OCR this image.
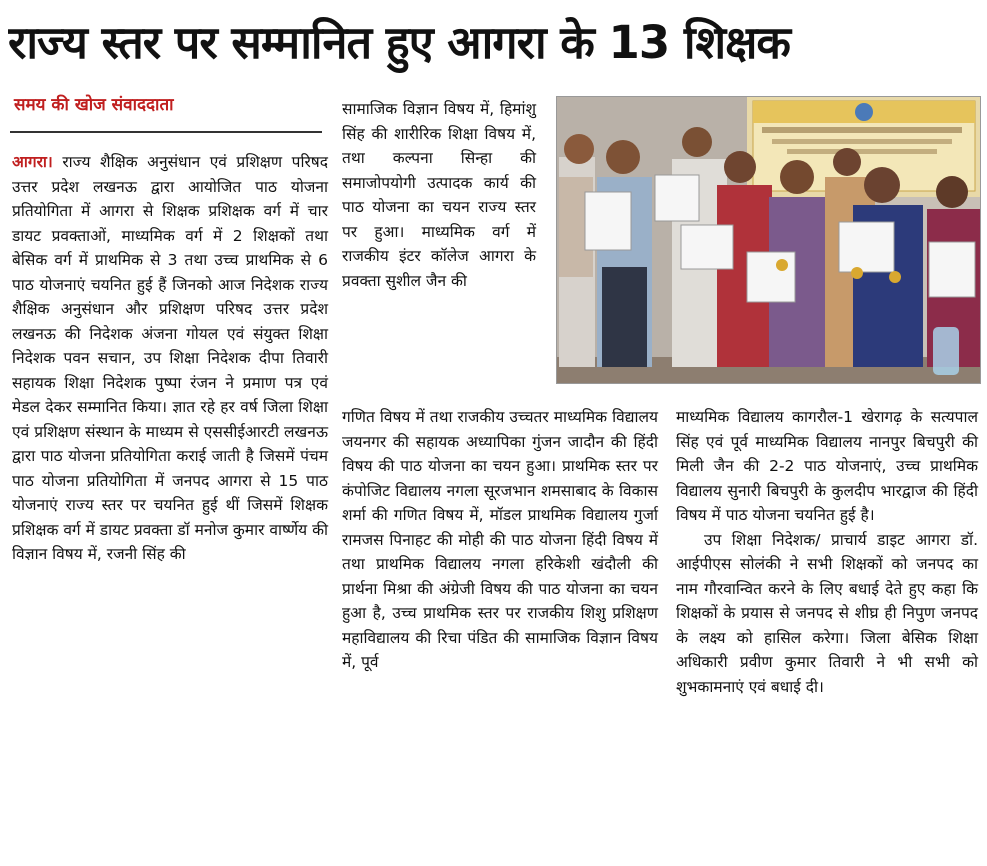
राज्य स्तर पर सम्मानित हुए आगरा के 13 शिक्षक
समय की खोज संवाददाता

आगरा। राज्य शैक्षिक अनुसंधान एवं प्रशिक्षण परिषद उत्तर प्रदेश लखनऊ द्वारा आयोजित पाठ योजना प्रतियोगिता में आगरा से शिक्षक प्रशिक्षक वर्ग में चार डायट प्रवक्ताओं, माध्यमिक वर्ग में 2 शिक्षकों तथा बेसिक वर्ग में प्राथमिक से 3 तथा उच्च प्राथमिक से 6 पाठ योजनाएं चयनित हुई हैं जिनको आज निदेशक राज्य शैक्षिक अनुसंधान और प्रशिक्षण परिषद उत्तर प्रदेश लखनऊ की निदेशक अंजना गोयल एवं संयुक्त शिक्षा निदेशक पवन सचान, उप शिक्षा निदेशक दीपा तिवारी सहायक शिक्षा निदेशक पुष्पा रंजन ने प्रमाण पत्र एवं मेडल देकर सम्मानित किया। ज्ञात रहे हर वर्ष जिला शिक्षा एवं प्रशिक्षण संस्थान के माध्यम से एससीईआरटी लखनऊ द्वारा पाठ योजना प्रतियोगिता कराई जाती है जिसमें पंचम पाठ योजना प्रतियोगिता में जनपद आगरा से 15 पाठ योजनाएं राज्य स्तर पर चयनित हुई थीं जिसमें शिक्षक प्रशिक्षक वर्ग में डायट प्रवक्ता डॉ मनोज कुमार वार्ष्णेय की विज्ञान विषय में, रजनी सिंह की

सामाजिक विज्ञान विषय में, हिमांशु सिंह की शारीरिक शिक्षा विषय में, तथा कल्पना सिन्हा की समाजोपयोगी उत्पादक कार्य की पाठ योजना का चयन राज्य स्तर पर हुआ। माध्यमिक वर्ग में राजकीय इंटर कॉलेज आगरा के प्रवक्ता सुशील जैन की

गणित विषय में तथा राजकीय उच्चतर माध्यमिक विद्यालय जयनगर की सहायक अध्यापिका गुंजन जादौन की हिंदी विषय की पाठ योजना का चयन हुआ। प्राथमिक स्तर पर कंपोजिट विद्यालय नगला सूरजभान शमसाबाद के विकास शर्मा की गणित विषय में, मॉडल प्राथमिक विद्यालय गुर्जा रामजस पिनाहट की मोही की पाठ योजना हिंदी विषय में तथा प्राथमिक विद्यालय नगला हरिकेशी खंदौली की प्रार्थना मिश्रा की अंग्रेजी विषय की पाठ योजना का चयन हुआ है, उच्च प्राथमिक स्तर पर राजकीय शिशु प्रशिक्षण महाविद्यालय की रिचा पंडित की सामाजिक विज्ञान विषय में, पूर्व

माध्यमिक विद्यालय कागरौल-1 खेरागढ़ के सत्यपाल सिंह एवं पूर्व माध्यमिक विद्यालय नानपुर बिचपुरी की मिली जैन की 2-2 पाठ योजनाएं, उच्च प्राथमिक विद्यालय सुनारी बिचपुरी के कुलदीप भारद्वाज की हिंदी विषय में पाठ योजना चयनित हुई है।

उप शिक्षा निदेशक/ प्राचार्य डाइट आगरा डॉ. आईपीएस सोलंकी ने सभी शिक्षकों को जनपद का नाम गौरवान्वित करने के लिए बधाई देते हुए कहा कि शिक्षकों के प्रयास से जनपद से शीघ्र ही निपुण जनपद के लक्ष्य को हासिल करेगा। जिला बेसिक शिक्षा अधिकारी प्रवीण कुमार तिवारी ने भी सभी को शुभकामनाएं एवं बधाई दी।
